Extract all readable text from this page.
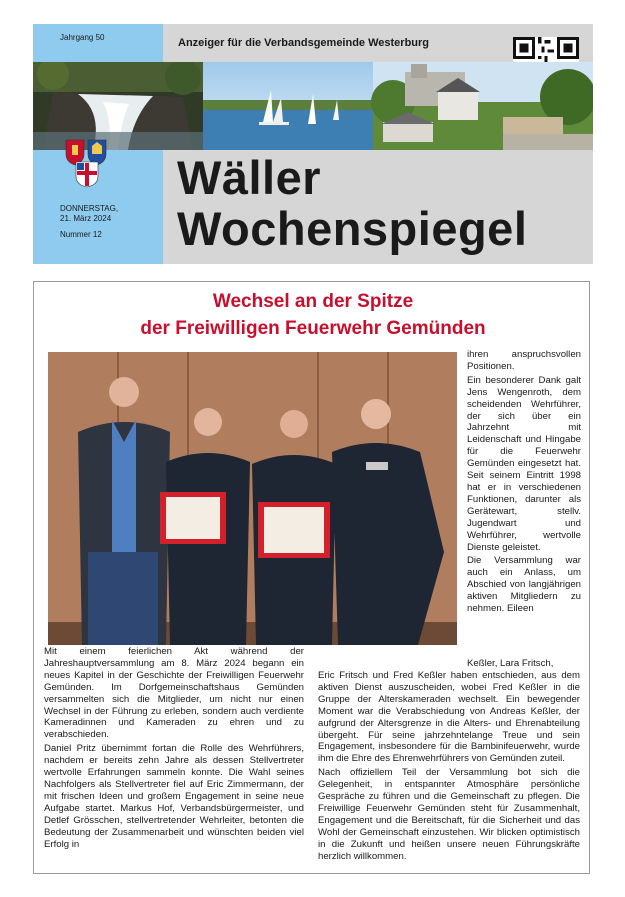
Jahrgang 50	Anzeiger für die Verbandsgemeinde Westerburg
DONNERSTAG,
21. März 2024
Nummer 12
Wäller
Wochenspiegel
Wechsel an der Spitze
der Freiwilligen Feuerwehr Gemünden

ihren anspruchsvollen Positionen.

Ein besonderer Dank galt Jens Wengenroth, dem scheidenden Wehrführer, der sich über ein Jahrzehnt mit Leidenschaft und Hingabe für die Feuerwehr Gemünden eingesetzt hat. Seit seinem Eintritt 1998 hat er in verschiedenen Funktionen, darunter als Gerätewart, stellv. Jugendwart und Wehrführer, wertvolle Dienste geleistet.

Die Versammlung war auch ein Anlass, um Abschied von langjährigen aktiven Mitgliedern zu nehmen. Eileen

Keßler, Lara Fritsch,

Mit einem feierlichen Akt während der Jahreshauptversammlung am 8. März 2024 begann ein neues Kapitel in der Geschichte der Freiwilligen Feuerwehr Gemünden. Im Dorfgemeinschaftshaus Gemünden versammelten sich die Mitglieder, um nicht nur einen Wechsel in der Führung zu erleben, sondern auch verdiente Kameradinnen und Kameraden zu ehren und zu verabschieden.

Daniel Pritz übernimmt fortan die Rolle des Wehrführers, nachdem er bereits zehn Jahre als dessen Stellvertreter wertvolle Erfahrungen sammeln konnte. Die Wahl seines Nachfolgers als Stellvertreter fiel auf Eric Zimmermann, der mit frischen Ideen und großem Engagement in seine neue Aufgabe startet. Markus Hof, Verbandsbürgermeister, und Detlef Grösschen, stellvertretender Wehrleiter, betonten die Bedeutung der Zusammenarbeit und wünschten beiden viel Erfolg in

Eric Fritsch und Fred Keßler haben entschieden, aus dem aktiven Dienst auszuscheiden, wobei Fred Keßler in die Gruppe der Alterskameraden wechselt. Ein bewegender Moment war die Verabschiedung von Andreas Keßler, der aufgrund der Altersgrenze in die Alters- und Ehrenabteilung übergeht. Für seine jahrzehntelange Treue und sein Engagement, insbesondere für die Bambinifeuerwehr, wurde ihm die Ehre des Ehrenwehrführers von Gemünden zuteil.

Nach offiziellem Teil der Versammlung bot sich die Gelegenheit, in entspannter Atmosphäre persönliche Gespräche zu führen und die Gemeinschaft zu pflegen. Die Freiwillige Feuerwehr Gemünden steht für Zusammenhalt, Engagement und die Bereitschaft, für die Sicherheit und das Wohl der Gemeinschaft einzustehen. Wir blicken optimistisch in die Zukunft und heißen unsere neuen Führungskräfte herzlich willkommen.
